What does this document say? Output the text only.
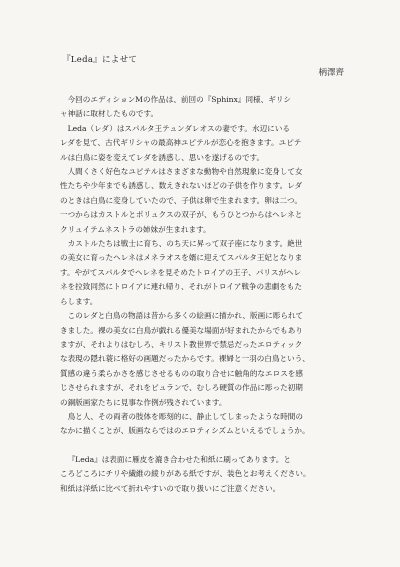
『Leda』によせて
柄澤齊

今回のエディションMの作品は、前回の『Sphinx』同様、ギリシ
ャ神話に取材したものです。

Leda（レダ）はスパルタ王テュンダレオスの妻です。水辺にいる
レダを見て、古代ギリシャの最高神ユピテルが恋心を抱きます。ユピテ
ルは白鳥に姿を変えてレダを誘惑し、思いを遂げるのです。

人間くさく好色なユピテルはさまざまな動物や自然現象に変身して女
性たちや少年までも誘惑し、数えきれないほどの子供を作ります。レダ
のときは白鳥に変身していたので、子供は卵で生まれます。卵は二つ。
一つからはカストルとポリュクスの双子が、もうひとつからはヘレネと
クリュイテムネストラの姉妹が生まれます。

カストルたちは戦士に育ち、のち天に昇って双子座になります。絶世
の美女に育ったヘレネはメネラオスを婿に迎えてスパルタ王妃となりま
す。やがてスパルタでヘレネを見そめたトロイアの王子、パリスがヘレ
ネを拉致同然にトロイアに連れ帰り、それがトロイア戦争の悲劇をもた
らします。

このレダと白鳥の物語は昔から多くの絵画に描かれ、版画に彫られて
きました。裸の美女に白鳥が戯れる優美な場面が好まれたからでもあり
ますが、それよりはむしろ、キリスト教世界で禁忌だったエロティック
な表現の隠れ蓑に格好の画題だったからです。裸婦と一羽の白鳥という、
質感の違う柔らかさを感じさせるものの取り合せに触角的なエロスを感
じさせられますが、それをビュランで、むしろ硬質の作品に彫った初期
の銅版画家たちに見事な作例が残されています。

鳥と人、その両者の肢体を彫刻的に、静止してしまったような時間の
なかに描くことが、版画ならではのエロティシズムといえるでしょうか。

『Leda』は表面に雁皮を漉き合わせた和紙に刷ってあります。と
ころどころにチリや繊維の綾りがある紙ですが、装色とお考えください。
和紙は洋紙に比べて折れやすいので取り扱いにご注意ください。
